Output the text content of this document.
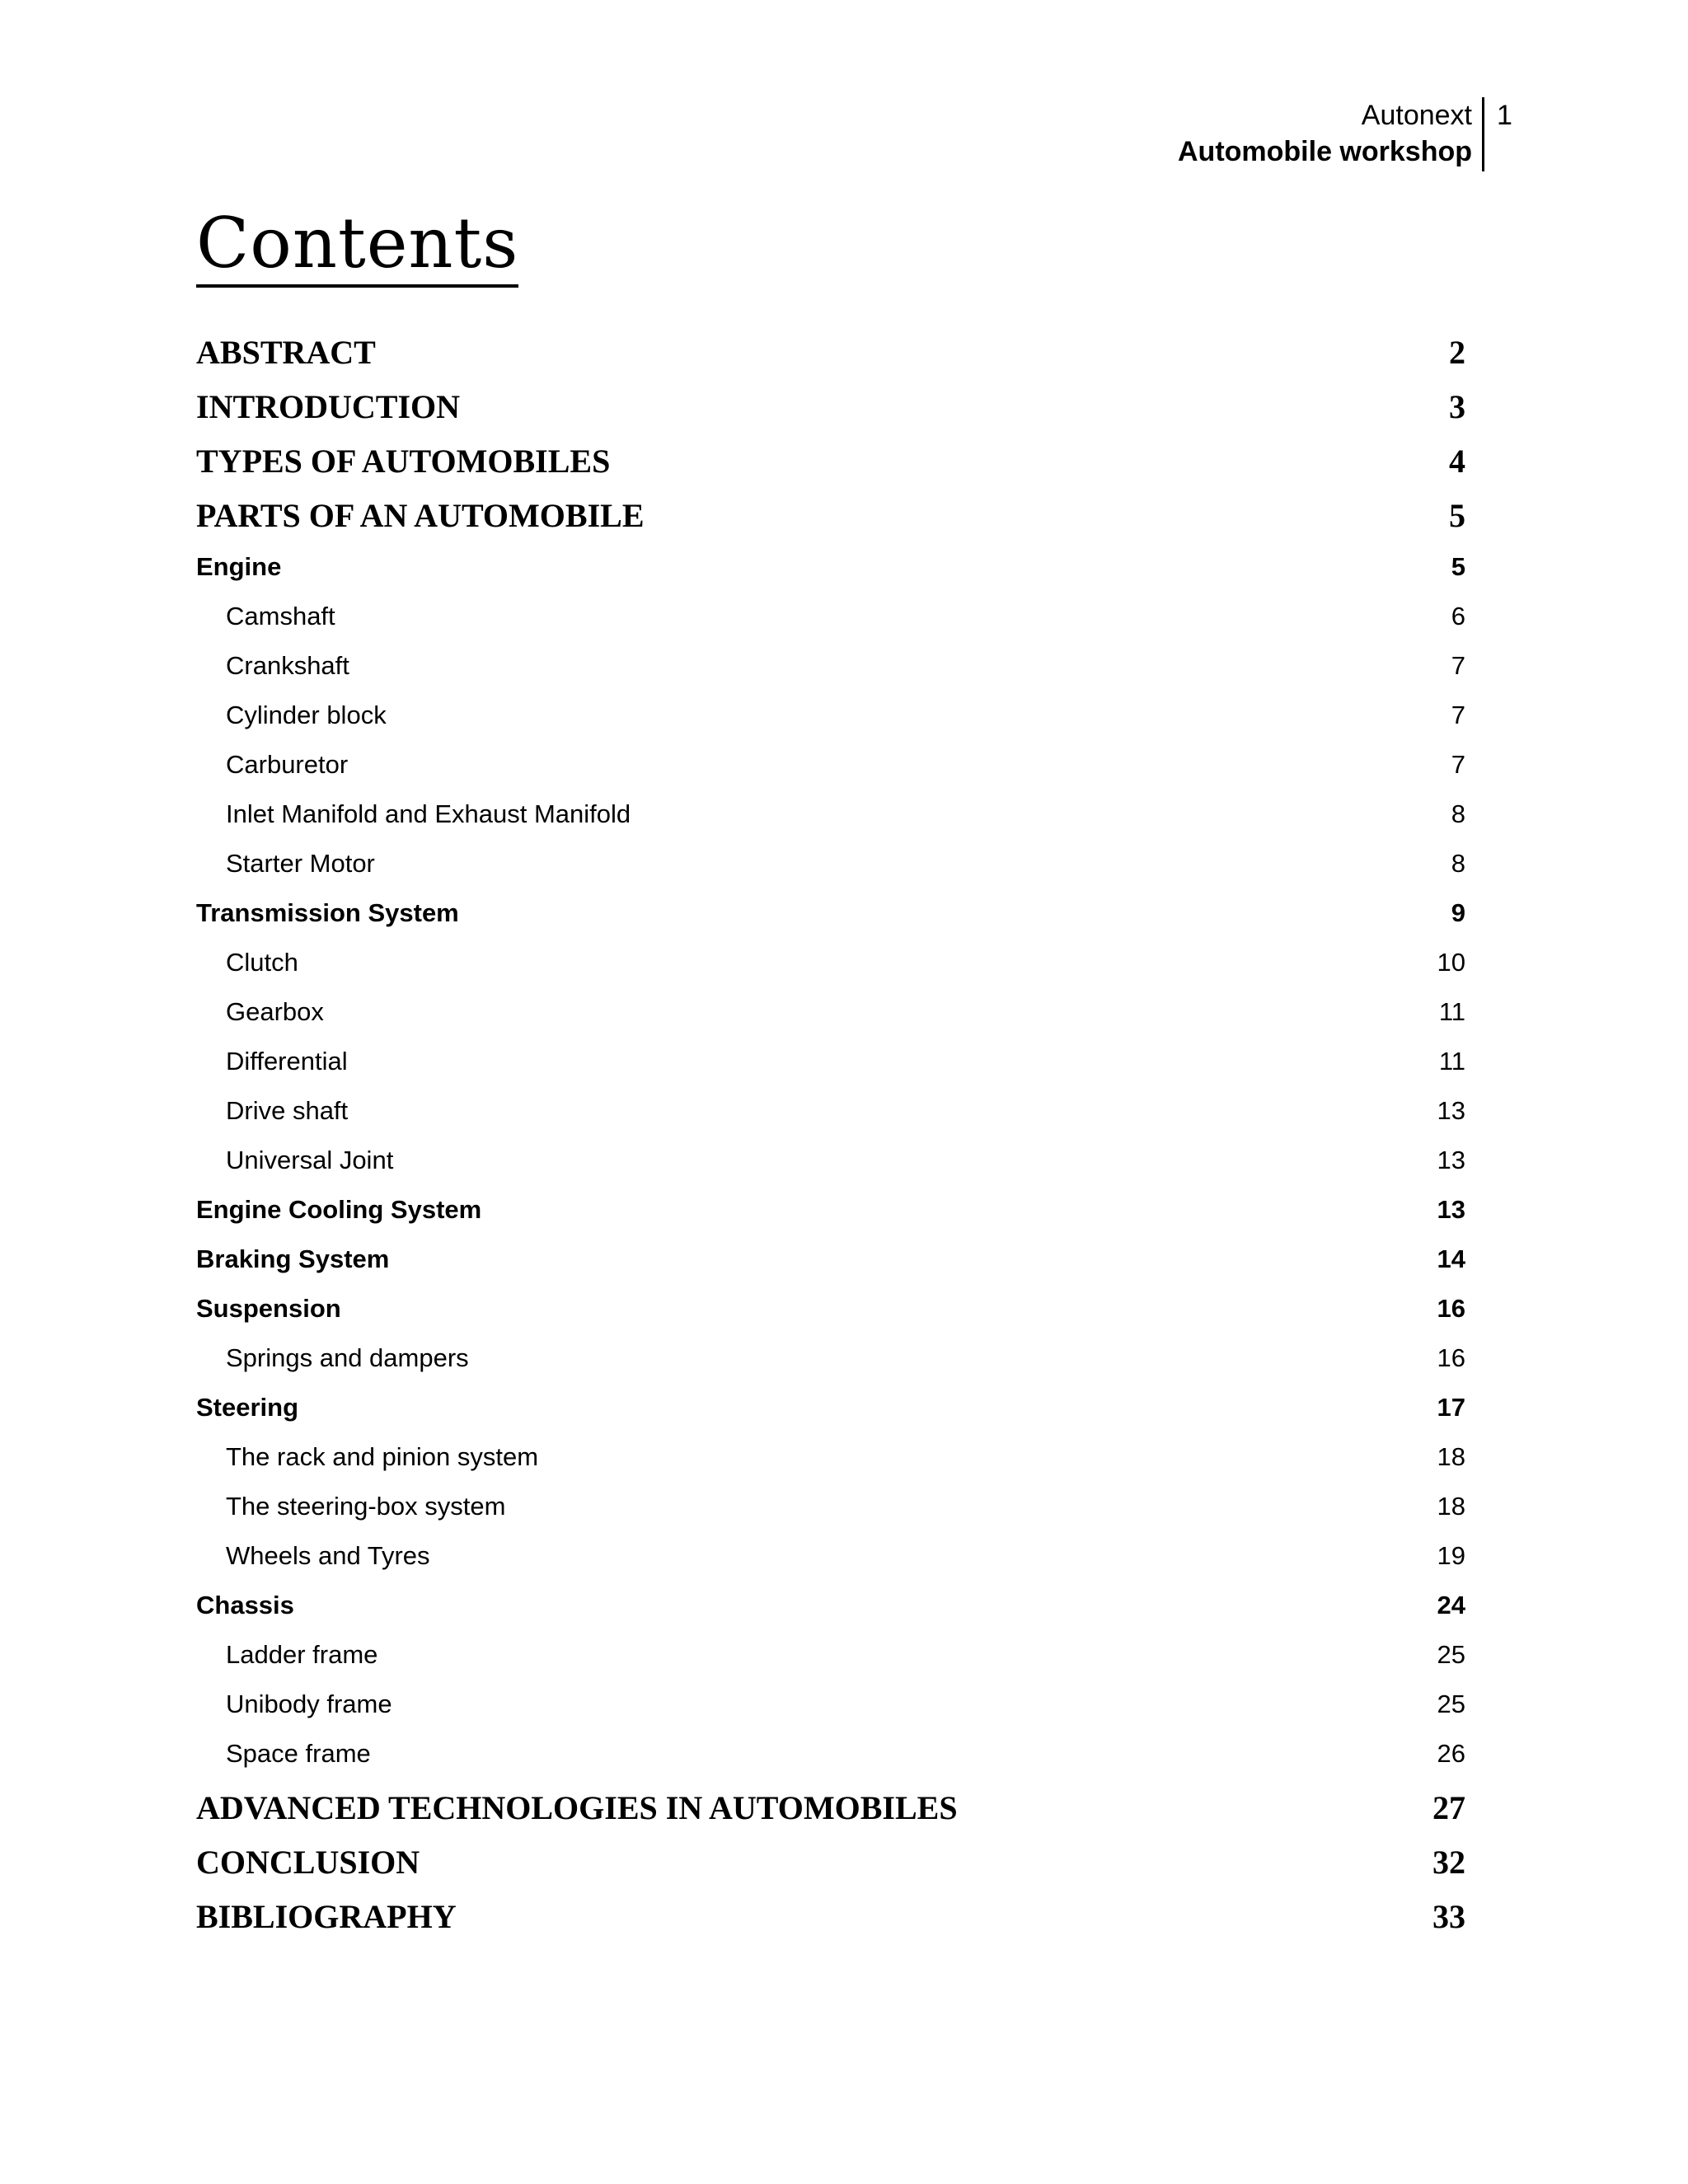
Autonext
Automobile workshop
1
Contents
ABSTRACT	2
INTRODUCTION	3
TYPES OF AUTOMOBILES	4
PARTS OF AN AUTOMOBILE	5
Engine	5
Camshaft	6
Crankshaft	7
Cylinder block	7
Carburetor	7
Inlet Manifold and Exhaust Manifold	8
Starter Motor	8
Transmission System	9
Clutch	10
Gearbox	11
Differential	11
Drive shaft	13
Universal Joint	13
Engine Cooling System	13
Braking System	14
Suspension	16
Springs and dampers	16
Steering	17
The rack and pinion system	18
The steering-box system	18
Wheels and Tyres	19
Chassis	24
Ladder frame	25
Unibody frame	25
Space frame	26
ADVANCED TECHNOLOGIES IN AUTOMOBILES	27
CONCLUSION	32
BIBLIOGRAPHY	33
